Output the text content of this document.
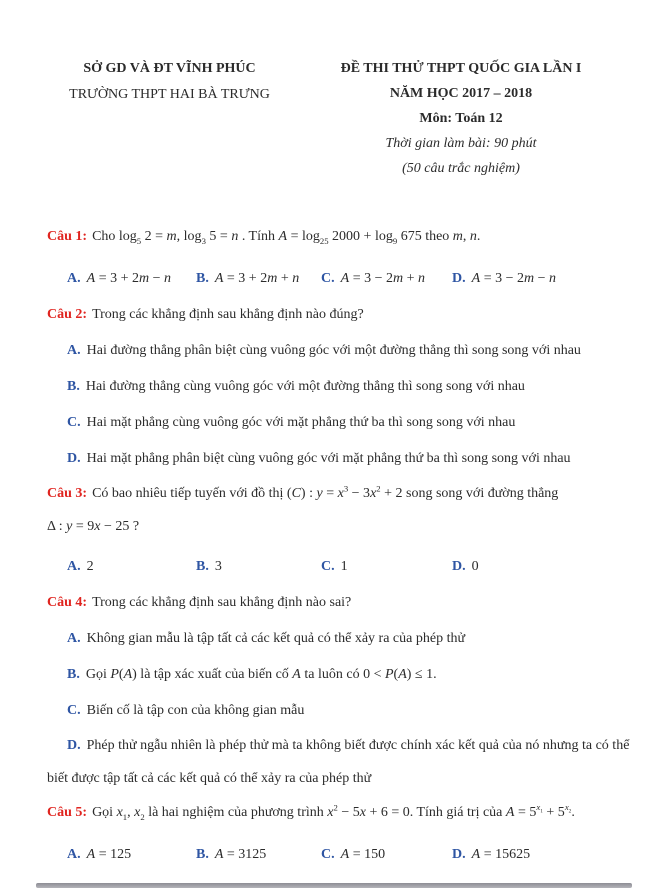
SỞ GD VÀ ĐT VĨNH PHÚC
TRƯỜNG THPT HAI BÀ TRƯNG
ĐỀ THI THỬ THPT QUỐC GIA LẦN I
NĂM HỌC 2017 – 2018
Môn: Toán 12
Thời gian làm bài: 90 phút
(50 câu trắc nghiệm)

Câu 1: Cho $\log_5 2 = m$, $\log_3 5 = n$ . Tính $A = \log_{25} 2000 + \log_9 675$ theo m, n.

A. A = 3 + 2m − n	B. A = 3 + 2m + n	C. A = 3 − 2m + n	D. A = 3 − 2m − n

Câu 2: Trong các khẳng định sau khẳng định nào đúng?

A. Hai đường thẳng phân biệt cùng vuông góc với một đường thẳng thì song song với nhau

B. Hai đường thẳng cùng vuông góc với một đường thẳng thì song song với nhau

C. Hai mặt phẳng cùng vuông góc với mặt phẳng thứ ba thì song song với nhau

D. Hai mặt phẳng phân biệt cùng vuông góc với mặt phẳng thứ ba thì song song với nhau

Câu 3: Có bao nhiêu tiếp tuyến với đồ thị (C) : $y = x^3 - 3x^2 + 2$ song song với đường thẳng
Δ : y = 9x − 25 ?

A. 2	B. 3	C. 1	D. 0

Câu 4: Trong các khẳng định sau khẳng định nào sai?

A. Không gian mẫu là tập tất cả các kết quả có thể xảy ra của phép thử

B. Gọi P(A) là tập xác xuất của biến cố A ta luôn có 0 < P(A) ≤ 1.

C. Biến cố là tập con của không gian mẫu

D. Phép thử ngẫu nhiên là phép thử mà ta không biết được chính xác kết quả của nó nhưng ta có thể biết được tập tất cả các kết quả có thể xảy ra của phép thử

Câu 5: Gọi $x_1$, $x_2$ là hai nghiệm của phương trình $x^2 - 5x + 6 = 0$. Tính giá trị của $A = 5^{x_1} + 5^{x_2}$.

A. A = 125	B. A = 3125	C. A = 150	D. A = 15625
